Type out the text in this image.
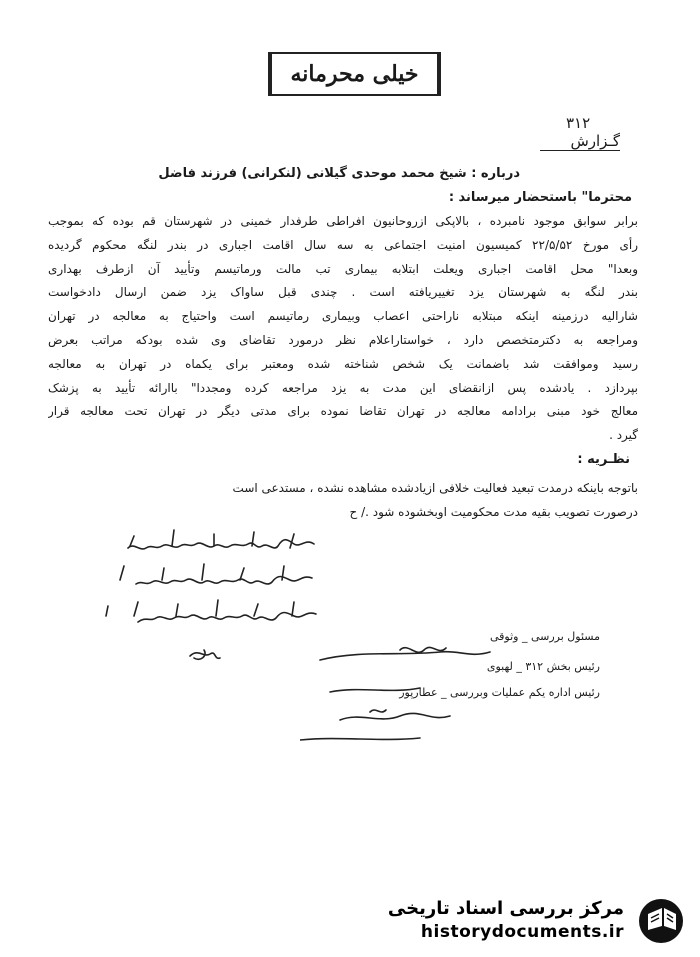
خیلی محرمانه
۳۱۲
گـزارش
درباره : شیخ محمد موحدی گیلانی (لنکرانی) فرزند فاضل
محترما" باستحضار میرساند :
برابر سوابق موجود نامبرده ، بالاپکی ازروحانیون افراطی طرفدار خمینی در شهرستان قم بوده که بموجب
رأی مورخ ۲۲/۵/۵۲ کمیسیون امنیت اجتماعی به سه سال اقامت اجباری در بندر لنگه محکوم گردیده
وبعدا" محل اقامت اجباری ویعلت ابتلابه بیماری تب مالت ورماتیسم وتأیید آن ازطرف بهداری
بندر لنگه به شهرستان یزد تغییریافته است . چندی قبل ساواک یزد ضمن ارسال دادخواست
شارالیه درزمینه اینکه مبتلابه ناراحتی اعصاب وبیماری رماتیسم است واحتیاج به معالجه در تهران
ومراجعه به دکترمتخصص دارد ، خواستاراعلام نظر درمورد تقاضای وی شده بودکه مراتب بعرض
رسید وموافقت شد باضمانت یک شخص شناخته شده ومعتبر برای یکماه در تهران به معالجه
بپردازد . یادشده پس ازانقضای این مدت به یزد مراجعه کرده ومجددا" باارائه تأیید به پزشک
معالج خود مبنی برادامه معالجه در تهران تقاضا نموده برای مدتی دیگر در تهران تحت معالجه قرار
گیرد .
نظـریه :
باتوجه باینکه درمدت تبعید فعالیت خلافی ازیادشده مشاهده نشده ، مستدعی است
درصورت تصویب بقیه مدت محکومیت اوبخشوده شود ./ ح
مسئول بررسی _ وثوقی
رئیس بخش ۳۱۲ _ لهبوی
رئیس اداره یکم عملیات وبررسی _ عطارپور
مرکز بررسی اسناد تاریخی
historydocuments.ir
